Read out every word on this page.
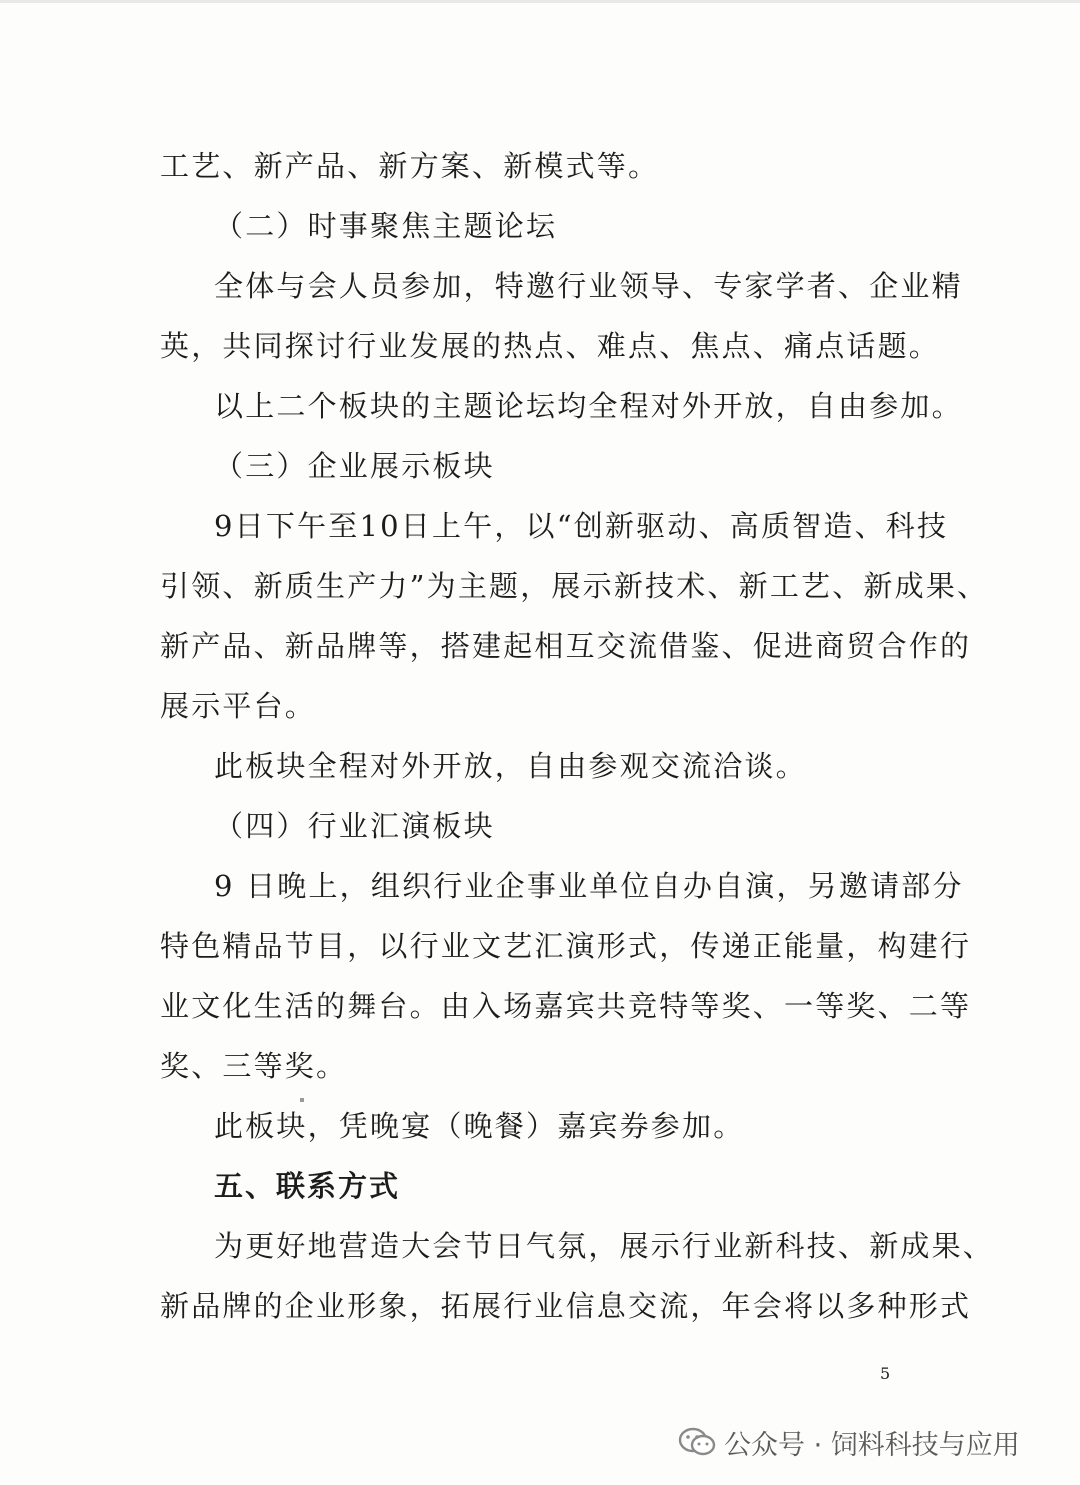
工艺、新产品、新方案、新模式等。
（二）时事聚焦主题论坛
全体与会人员参加，特邀行业领导、专家学者、企业精
英，共同探讨行业发展的热点、难点、焦点、痛点话题。
以上二个板块的主题论坛均全程对外开放，自由参加。
（三）企业展示板块
9日下午至10日上午，以“创新驱动、高质智造、科技
引领、新质生产力”为主题，展示新技术、新工艺、新成果、
新产品、新品牌等，搭建起相互交流借鉴、促进商贸合作的
展示平台。
此板块全程对外开放，自由参观交流洽谈。
（四）行业汇演板块
9 日晚上，组织行业企事业单位自办自演，另邀请部分
特色精品节目，以行业文艺汇演形式，传递正能量，构建行
业文化生活的舞台。由入场嘉宾共竞特等奖、一等奖、二等
奖、三等奖。
此板块，凭晚宴（晚餐）嘉宾券参加。
五、联系方式
为更好地营造大会节日气氛，展示行业新科技、新成果、
新品牌的企业形象，拓展行业信息交流，年会将以多种形式
5
公众号 · 饲料科技与应用
